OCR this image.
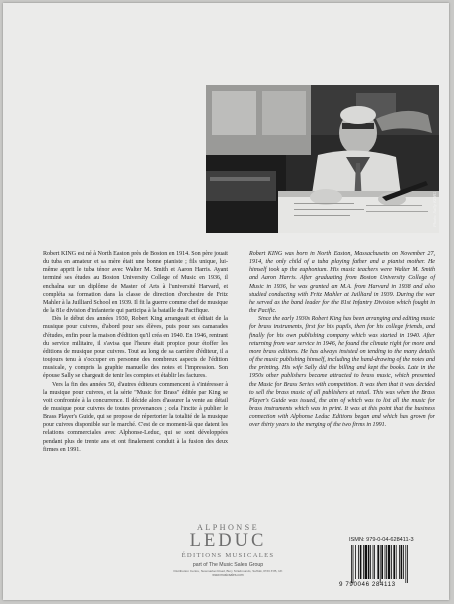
Photo: Sally KING

Robert KING est né à North Easton près de Boston en 1914. Son père jouait du tuba en amateur et sa mère était une bonne pianiste ; fils unique, lui-même apprit le tuba ténor avec Walter M. Smith et Aaron Harris. Ayant terminé ses études au Boston University College of Music en 1936, il enchaîna sur un diplôme de Master of Arts à l'université Harvard, et compléta sa formation dans la classe de direction d'orchestre de Fritz Mahler à la Juilliard School en 1939. Il fit la guerre comme chef de musique de la 81e division d'infanterie qui participa à la bataille du Pacifique.

Dès le début des années 1930, Robert King arrangeait et éditait de la musique pour cuivres, d'abord pour ses élèves, puis pour ses camarades d'études, enfin pour la maison d'édition qu'il créa en 1940. En 1946, rentrant du service militaire, il s'avisa que l'heure était propice pour étoffer les éditions de musique pour cuivres. Tout au long de sa carrière d'éditeur, il a toujours tenu à s'occuper en personne des nombreux aspects de l'édition musicale, y compris la graphie manuelle des notes et l'impression. Son épouse Sally se chargeait de tenir les comptes et établir les factures.

Vers la fin des années 50, d'autres éditeurs commencent à s'intéresser à la musique pour cuivres, et la série "Music for Brass" éditée par King se voit confrontée à la concurrence. Il décide alors d'assurer la vente au détail de musique pour cuivres de toutes provenances ; cela l'incite à publier le Brass Player's Guide, qui se propose de répertorier la totalité de la musique pour cuivres disponible sur le marché. C'est de ce moment-là que datent les relations commerciales avec Alphonse-Leduc, qui se sont développées pendant plus de trente ans et ont finalement conduit à la fusion des deux firmes en 1991.

Robert KING was born in North Easton, Massachusetts on November 27, 1914, the only child of a tuba playing father and a pianist mother. He himself took up the euphonium. His music teachers were Walter M. Smith and Aaron Harris. After graduating from Boston University College of Music in 1936, he was granted an M.A. from Harvard in 1938 and also studied conducting with Fritz Mahler at Juilliard in 1939. During the war he served as the band leader for the 81st Infantry Division which fought in the Pacific.

Since the early 1930s Robert King has been arranging and editing music for brass instruments, first for his pupils, then for his college friends, and finally for his own publishing company which was started in 1940. After returning from war service in 1946, he found the climate right for more and more brass editions. He has always insisted on tending to the many details of the music publishing himself, including the hand-drawing of the notes and the printing. His wife Sally did the billing and kept the books. Late in the 1950s other publishers became attracted to brass music, which presented the Music for Brass Series with competition. It was then that it was decided to sell the brass music of all publishers at retail. This was when the Brass Player's Guide was issued, the aim of which was to list all the music for brass instruments which was in print. It was at this point that the business connection with Alphonse Leduc Editions began and which has grown for over thirty years to the merging of the two firms in 1991.

ALPHONSE
LEDUC
ÉDITIONS MUSICALES
part of The Music Sales Group
Distribution Centre, Newmarket Road, Bury St Edmunds, Suffolk, IP33 3YB, UK
www.musicsales.com
ISMN: 979-0-04-628411-3
9 790046 284113
